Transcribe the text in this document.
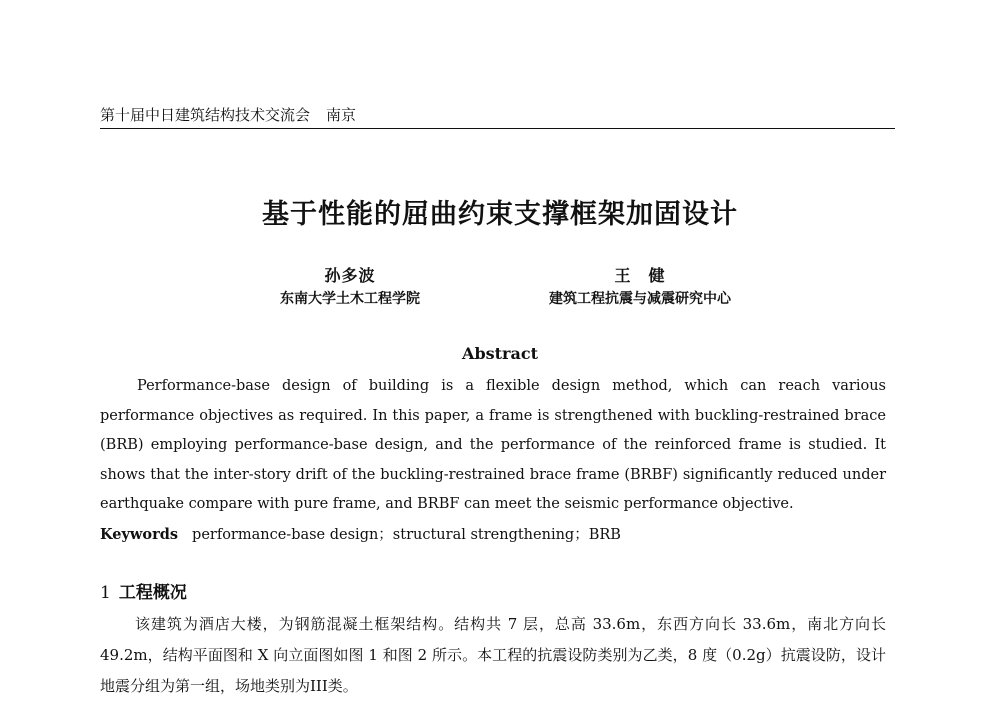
第十届中日建筑结构技术交流会 南京
基于性能的屈曲约束支撑框架加固设计
孙多波
东南大学土木工程学院
王　健
建筑工程抗震与减震研究中心
Abstract

Performance-base design of building is a flexible design method, which can reach various performance objectives as required. In this paper, a frame is strengthened with buckling-restrained brace (BRB) employing performance-base design, and the performance of the reinforced frame is studied. It shows that the inter-story drift of the buckling-restrained brace frame (BRBF) significantly reduced under earthquake compare with pure frame, and BRBF can meet the seismic performance objective.

Keywords performance-base design；structural strengthening；BRB
1 工程概况

该建筑为酒店大楼，为钢筋混凝土框架结构。结构共 7 层，总高 33.6m，东西方向长 33.6m，南北方向长 49.2m，结构平面图和 X 向立面图如图 1 和图 2 所示。本工程的抗震设防类别为乙类，8 度（0.2g）抗震设防，设计地震分组为第一组，场地类别为III类。
